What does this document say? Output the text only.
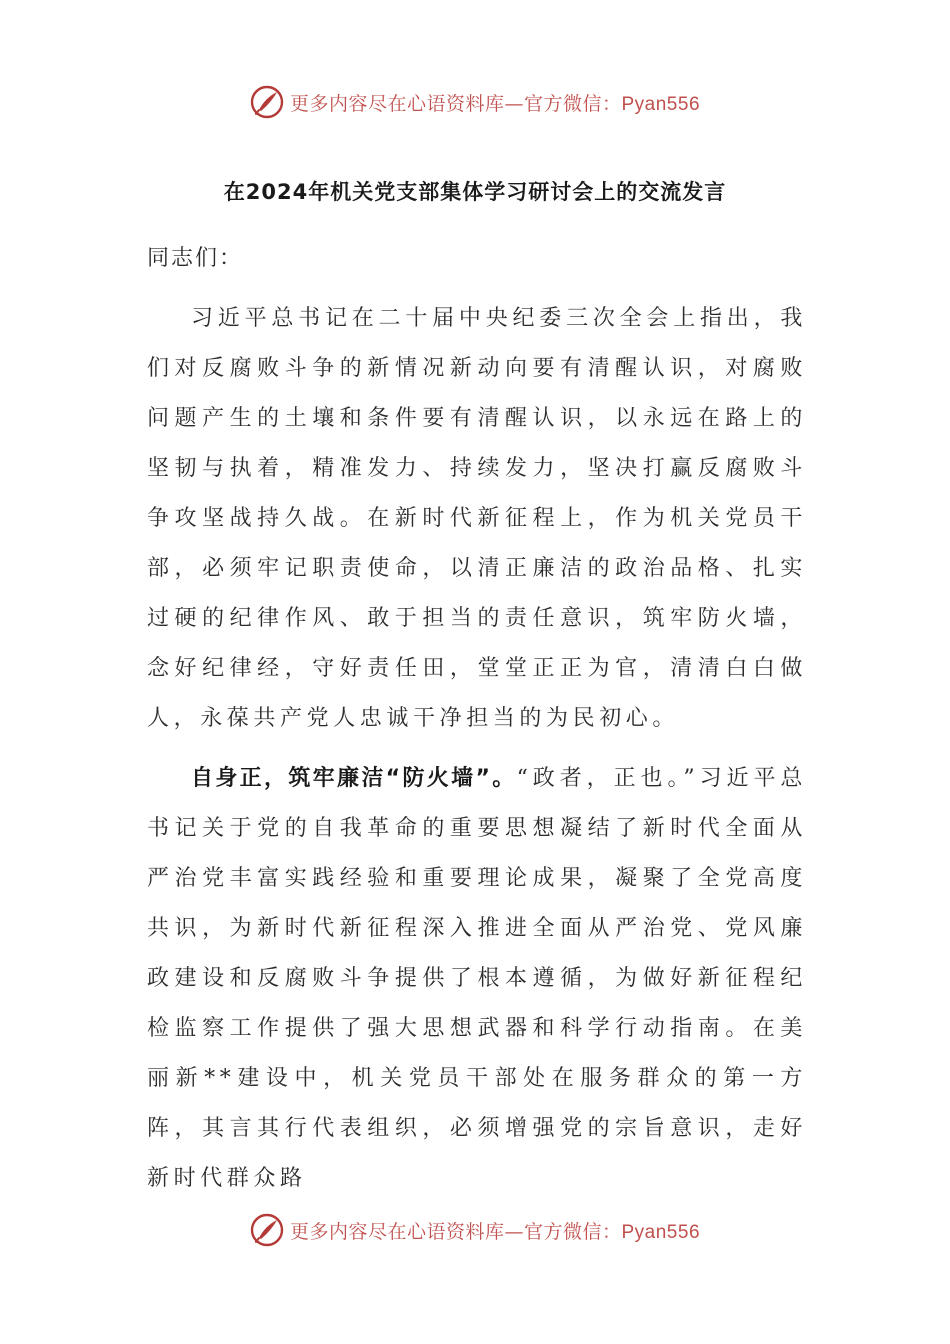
更多内容尽在心语资料库—官方微信：Pyan556
在2024年机关党支部集体学习研讨会上的交流发言

同志们：

习近平总书记在二十届中央纪委三次全会上指出，我们对反腐败斗争的新情况新动向要有清醒认识，对腐败问题产生的土壤和条件要有清醒认识，以永远在路上的坚韧与执着，精准发力、持续发力，坚决打赢反腐败斗争攻坚战持久战。在新时代新征程上，作为机关党员干部，必须牢记职责使命，以清正廉洁的政治品格、扎实过硬的纪律作风、敢于担当的责任意识，筑牢防火墙，念好纪律经，守好责任田，堂堂正正为官，清清白白做人，永葆共产党人忠诚干净担当的为民初心。

自身正，筑牢廉洁“防火墙”。“政者，正也。”习近平总书记关于党的自我革命的重要思想凝结了新时代全面从严治党丰富实践经验和重要理论成果，凝聚了全党高度共识，为新时代新征程深入推进全面从严治党、党风廉政建设和反腐败斗争提供了根本遵循，为做好新征程纪检监察工作提供了强大思想武器和科学行动指南。在美丽新**建设中，机关党员干部处在服务群众的第一方阵，其言其行代表组织，必须增强党的宗旨意识，走好新时代群众路

更多内容尽在心语资料库—官方微信：Pyan556
